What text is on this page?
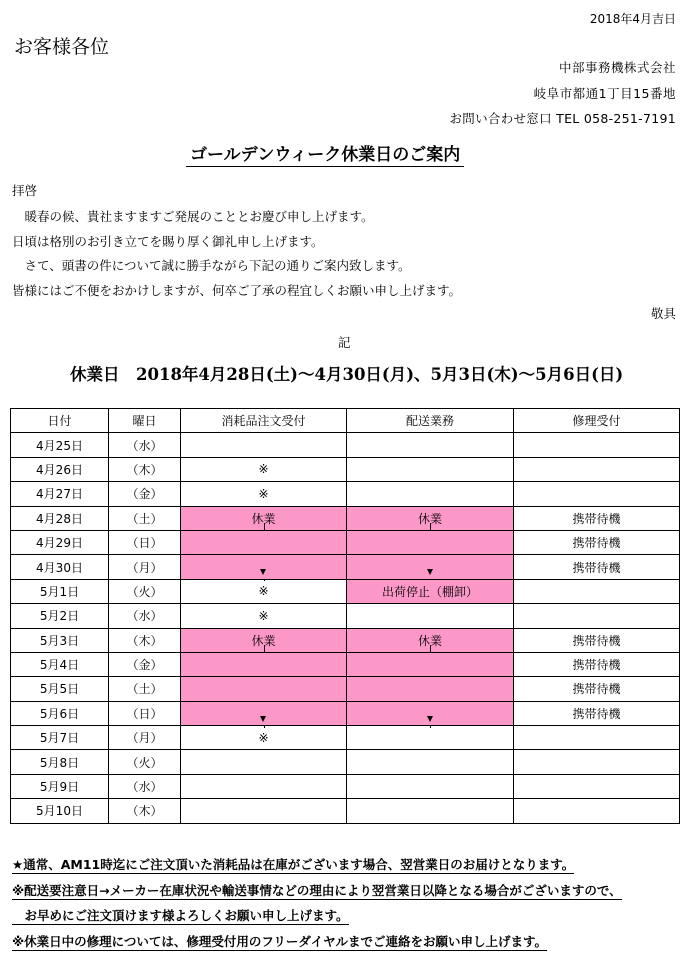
2018年4月吉日
お客様各位
中部事務機株式会社
岐阜市都通1丁目15番地
お問い合わせ窓口 TEL 058-251-7191
ゴールデンウィーク休業日のご案内
拝啓
　暖春の候、貴社ますますご発展のこととお慶び申し上げます。
日頃は格別のお引き立てを賜り厚く御礼申し上げます。
　さて、頭書の件について誠に勝手ながら下記の通りご案内致します。
皆様にはご不便をおかけしますが、何卒ご了承の程宜しくお願い申し上げます。
敬具
記
休業日　2018年4月28日(土)～4月30日(月)、5月3日(木)～5月6日(日)
日付	曜日	消耗品注文受付	配送業務	修理受付
4月25日	（水）			
4月26日	（木）	※		
4月27日	（金）	※		
4月28日	（土）	休業	休業	携帯待機
4月29日	（日）			携帯待機
4月30日	（月）			携帯待機
5月1日	（火）	※	出荷停止（棚卸）	
5月2日	（水）	※		
5月3日	（木）	休業	休業	携帯待機
5月4日	（金）			携帯待機
5月5日	（土）			携帯待機
5月6日	（日）			携帯待機
5月7日	（月）	※		
5月8日	（火）			
5月9日	（水）			
5月10日	（木）			
★通常、AM11時迄にご注文頂いた消耗品は在庫がございます場合、翌営業日のお届けとなります。
※配送要注意日→メーカー在庫状況や輸送事情などの理由により翌営業日以降となる場合がございますので、
　お早めにご注文頂けます様よろしくお願い申し上げます。
※休業日中の修理については、修理受付用のフリーダイヤルまでご連絡をお願い申し上げます。
